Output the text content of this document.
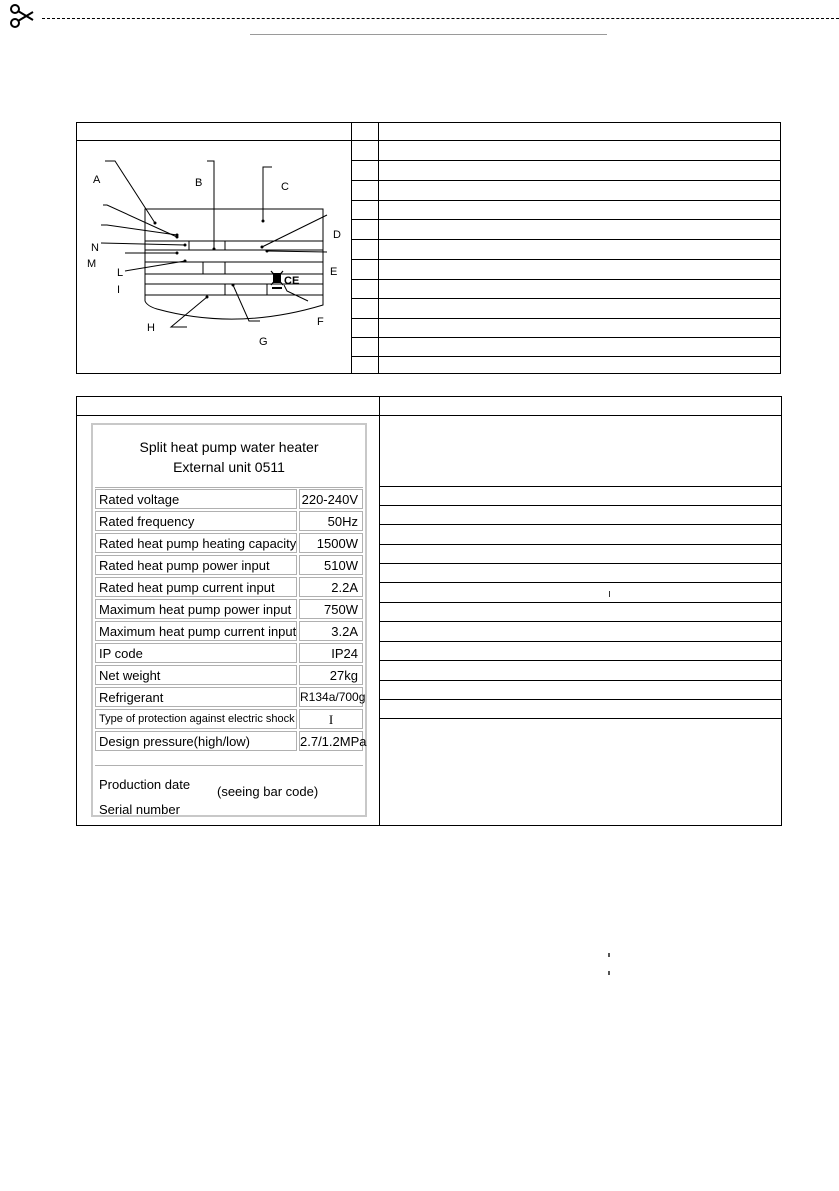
CE
A	B	C
D
E
F
G
H
I
L
M
N
Split heat pump water heater
External unit 0511
Rated voltage	220-240V
Rated frequency	50Hz
Rated heat pump heating capacity	1500W
Rated heat pump power input	510W
Rated heat pump current input	2.2A
Maximum heat pump power input	750W
Maximum heat pump current input	3.2A
IP code	IP24
Net weight	27kg
Refrigerant	R134a/700g
Type of protection against electric shock	I
Design pressure(high/low)	2.7/1.2MPa
Production date
Serial number
(seeing bar code)
